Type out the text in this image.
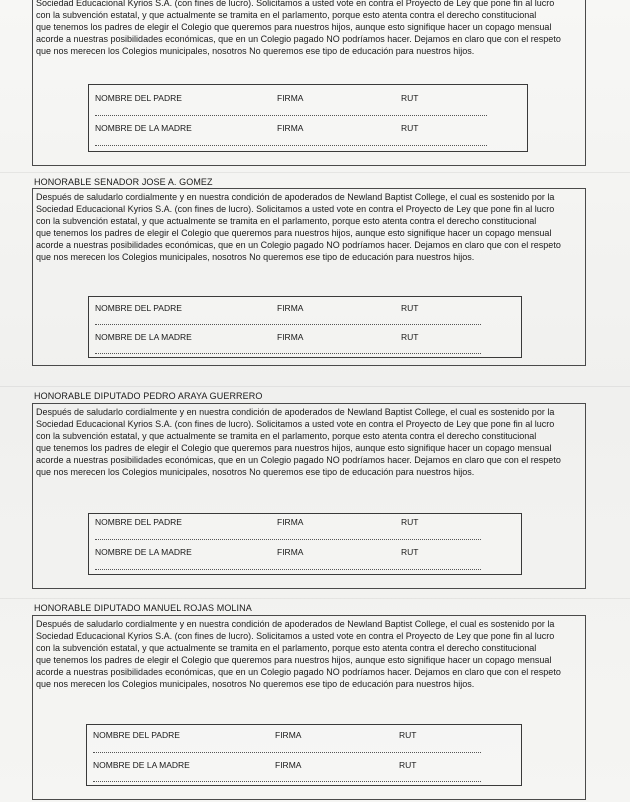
Sociedad Educacional Kyrios S.A. (con fines de lucro). Solicitamos a usted vote en contra el Proyecto de Ley que pone fin al lucro

con la subvención estatal, y que actualmente se tramita en el parlamento, porque esto atenta contra el derecho constitucional

que tenemos los padres de elegir el Colegio que queremos para nuestros hijos, aunque esto signifique hacer un copago mensual

acorde a nuestras posibilidades económicas, que en un Colegio pagado NO podríamos hacer. Dejamos en claro que con el respeto

que nos merecen los Colegios municipales, nosotros No queremos ese tipo de educación para nuestros hijos.

NOMBRE DEL PADRE	FIRMA	RUT
NOMBRE DE LA MADRE	FIRMA	RUT
HONORABLE SENADOR JOSE A. GOMEZ

Después de saludarlo cordialmente y en nuestra condición de apoderados de Newland Baptist College, el cual es sostenido por la

Sociedad Educacional Kyrios S.A. (con fines de lucro). Solicitamos a usted vote en contra el Proyecto de Ley que pone fin al lucro

con la subvención estatal, y que actualmente se tramita en el parlamento, porque esto atenta contra el derecho constitucional

que tenemos los padres de elegir el Colegio que queremos para nuestros hijos, aunque esto signifique hacer un copago mensual

acorde a nuestras posibilidades económicas, que en un Colegio pagado NO podríamos hacer. Dejamos en claro que con el respeto

que nos merecen los Colegios municipales, nosotros No queremos ese tipo de educación para nuestros hijos.

NOMBRE DEL PADRE	FIRMA	RUT
NOMBRE DE LA MADRE	FIRMA	RUT
HONORABLE DIPUTADO PEDRO ARAYA GUERRERO

Después de saludarlo cordialmente y en nuestra condición de apoderados de Newland Baptist College, el cual es sostenido por la

Sociedad Educacional Kyrios S.A. (con fines de lucro). Solicitamos a usted vote en contra el Proyecto de Ley que pone fin al lucro

con la subvención estatal, y que actualmente se tramita en el parlamento, porque esto atenta contra el derecho constitucional

que tenemos los padres de elegir el Colegio que queremos para nuestros hijos, aunque esto signifique hacer un copago mensual

acorde a nuestras posibilidades económicas, que en un Colegio pagado NO podríamos hacer. Dejamos en claro que con el respeto

que nos merecen los Colegios municipales, nosotros No queremos ese tipo de educación para nuestros hijos.

NOMBRE DEL PADRE	FIRMA	RUT
NOMBRE DE LA MADRE	FIRMA	RUT
HONORABLE DIPUTADO MANUEL ROJAS MOLINA

Después de saludarlo cordialmente y en nuestra condición de apoderados de Newland Baptist College, el cual es sostenido por la

Sociedad Educacional Kyrios S.A. (con fines de lucro). Solicitamos a usted vote en contra el Proyecto de Ley que pone fin al lucro

con la subvención estatal, y que actualmente se tramita en el parlamento, porque esto atenta contra el derecho constitucional

que tenemos los padres de elegir el Colegio que queremos para nuestros hijos, aunque esto signifique hacer un copago mensual

acorde a nuestras posibilidades económicas, que en un Colegio pagado NO podríamos hacer. Dejamos en claro que con el respeto

que nos merecen los Colegios municipales, nosotros No queremos ese tipo de educación para nuestros hijos.

NOMBRE DEL PADRE	FIRMA	RUT
NOMBRE DE LA MADRE	FIRMA	RUT
